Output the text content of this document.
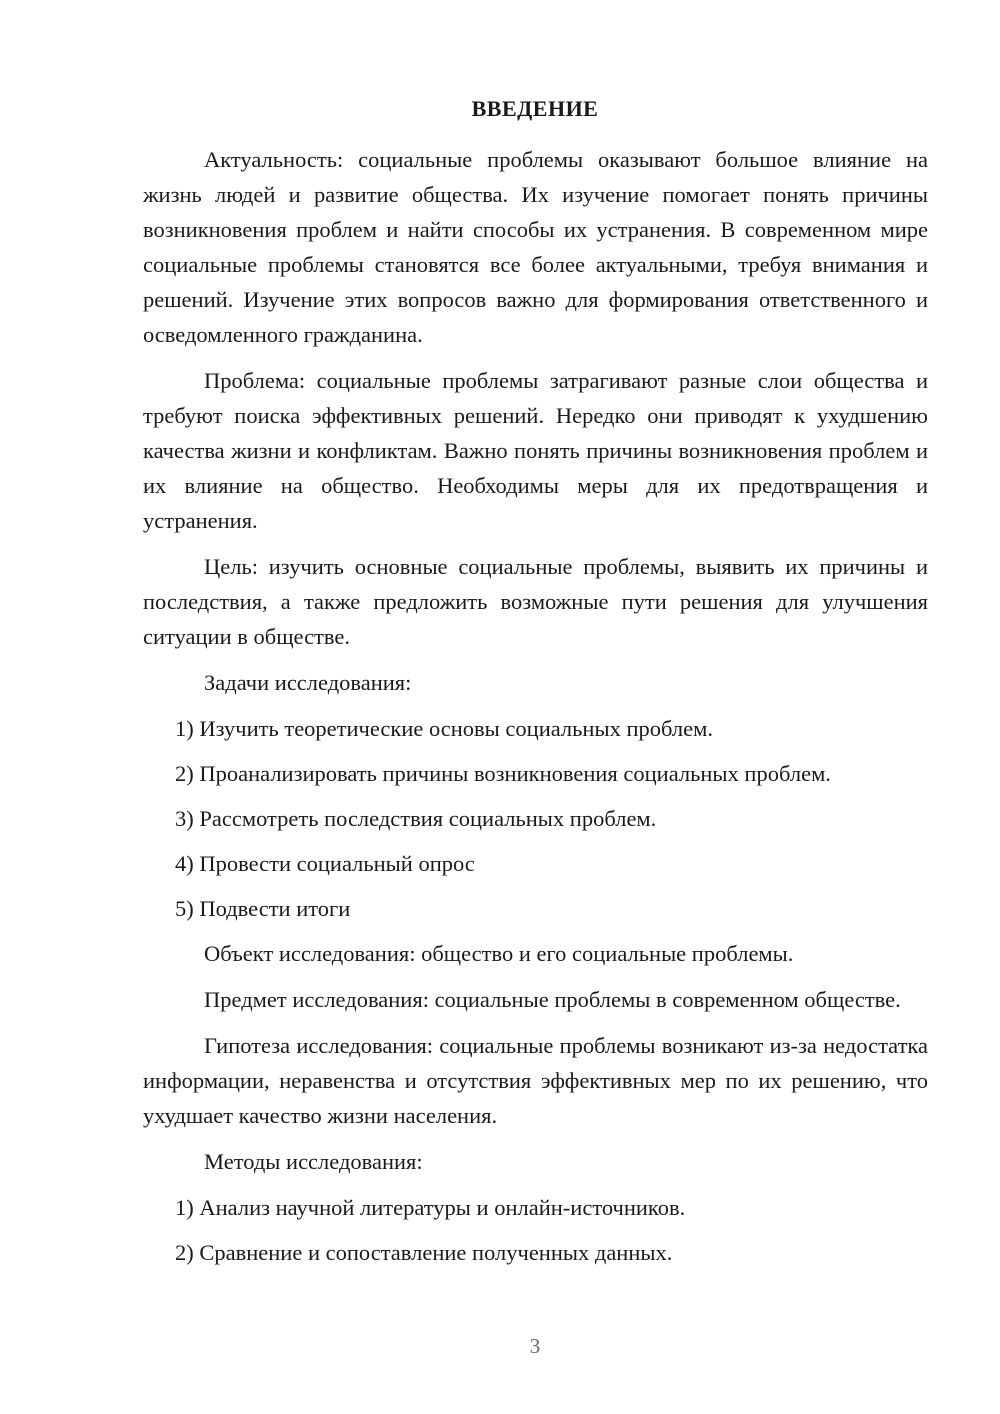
ВВЕДЕНИЕ

Актуальность: социальные проблемы оказывают большое влияние на жизнь людей и развитие общества. Их изучение помогает понять причины возникновения проблем и найти способы их устранения. В современном мире социальные проблемы становятся все более актуальными, требуя внимания и решений. Изучение этих вопросов важно для формирования ответственного и осведомленного гражданина.

Проблема: социальные проблемы затрагивают разные слои общества и требуют поиска эффективных решений. Нередко они приводят к ухудшению качества жизни и конфликтам. Важно понять причины возникновения проблем и их влияние на общество. Необходимы меры для их предотвращения и устранения.

Цель: изучить основные социальные проблемы, выявить их причины и последствия, а также предложить возможные пути решения для улучшения ситуации в обществе.

Задачи исследования:

1) Изучить теоретические основы социальных проблем.

2) Проанализировать причины возникновения социальных проблем.

3) Рассмотреть последствия социальных проблем.

4) Провести социальный опрос

5) Подвести итоги

Объект исследования: общество и его социальные проблемы.

Предмет исследования: социальные проблемы в современном обществе.

Гипотеза исследования: социальные проблемы возникают из-за недостатка информации, неравенства и отсутствия эффективных мер по их решению, что ухудшает качество жизни населения.

Методы исследования:

1) Анализ научной литературы и онлайн-источников.

2) Сравнение и сопоставление полученных данных.

3
